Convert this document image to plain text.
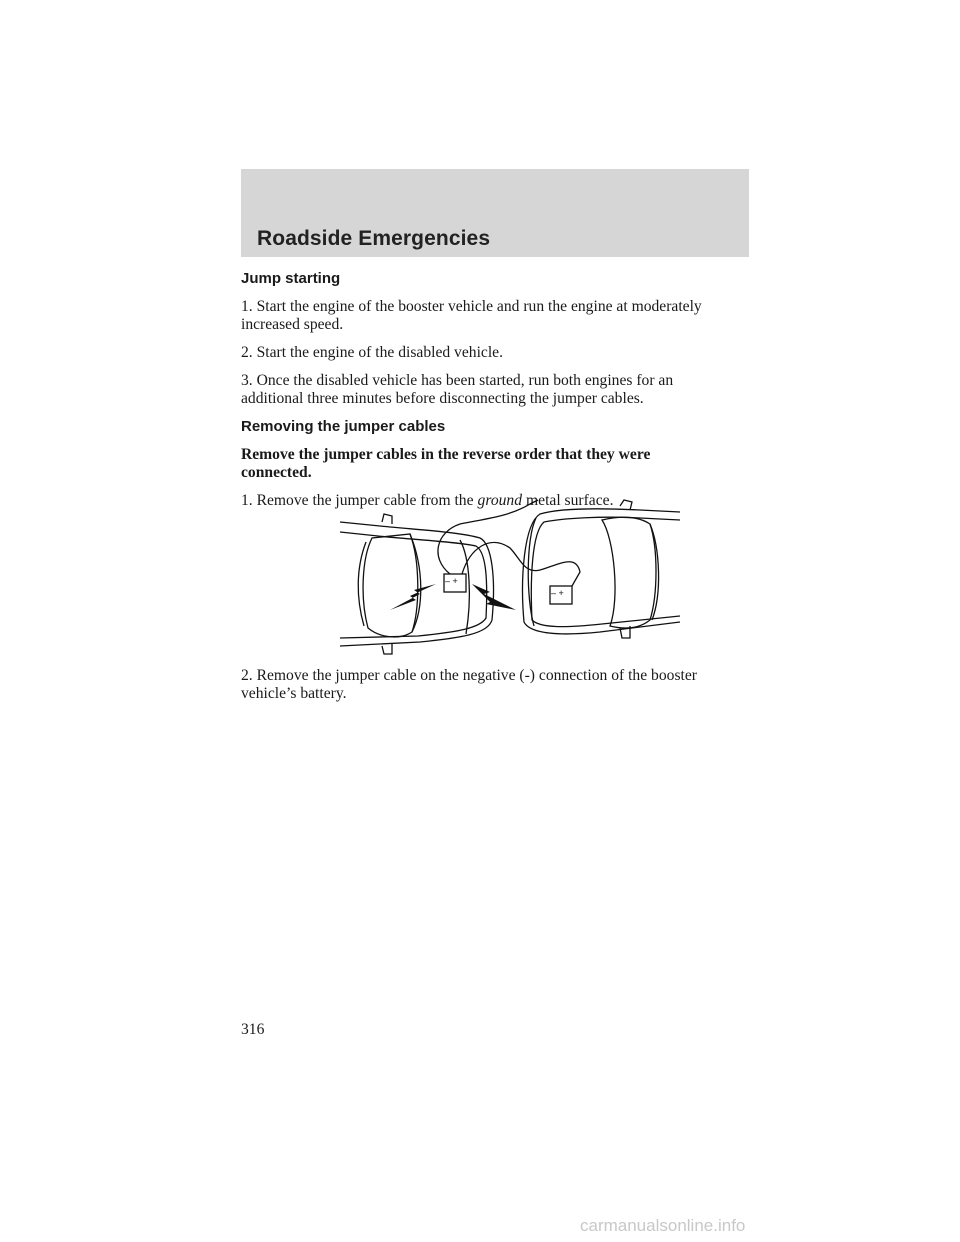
Roadside Emergencies
Jump starting
1. Start the engine of the booster vehicle and run the engine at moderately increased speed.
2. Start the engine of the disabled vehicle.
3. Once the disabled vehicle has been started, run both engines for an additional three minutes before disconnecting the jumper cables.
Removing the jumper cables
Remove the jumper cables in the reverse order that they were connected.
1. Remove the jumper cable from the ground metal surface.
– +
– +
2. Remove the jumper cable on the negative (-) connection of the booster vehicle’s battery.
316
carmanualsonline.info
